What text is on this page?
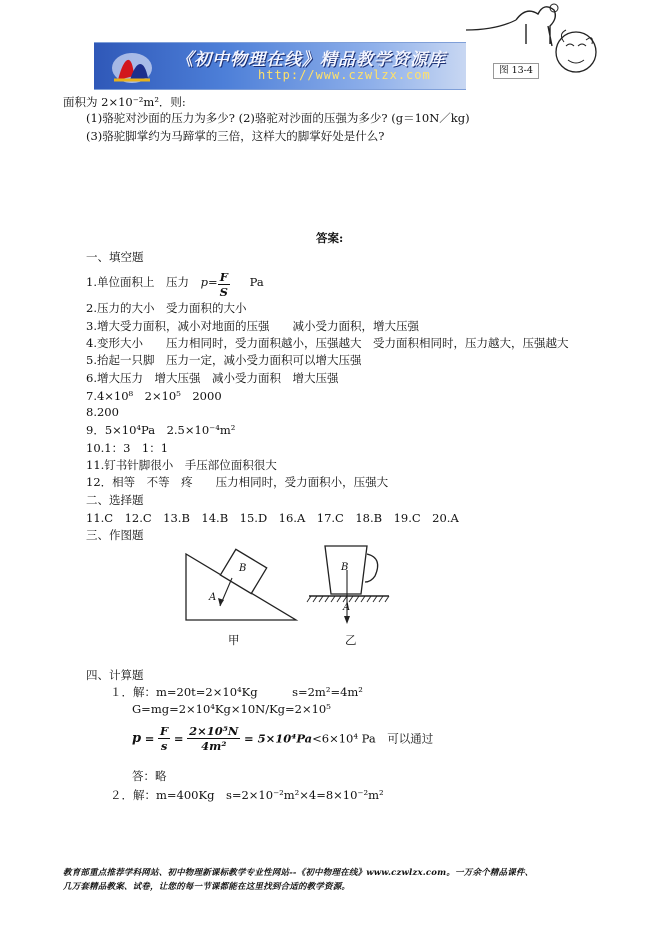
《初中物理在线》精品教学资源库
http://www.czwlzx.com	图 13-4
面积为 2×10⁻²m²．则:
(1)骆驼对沙面的压力为多少? (2)骆驼对沙面的压强为多少? (g＝10N／kg)
(3)骆驼脚掌约为马蹄掌的三倍，这样大的脚掌好处是什么?
答案:
一、填空题
1.单位面积上　压力 $p= \frac{F}{S}$ Pa
2.压力的大小　受力面积的大小
3.增大受力面积，减小对地面的压强　　减小受力面积，增大压强
4.变形大小　　压力相同时，受力面积越小，压强越大　受力面积相同时，压力越大，压强越大
5.抬起一只脚　压力一定，减小受力面积可以增大压强
6.增大压力　增大压强　减小受力面积　增大压强
7.4×10⁸　2×10⁵　2000
8.200
9．5×10⁴Pa　2.5×10⁻⁴m²
10.1：3　1：1
11.钉书针脚很小　手压部位面积很大
12．相等　不等　疼　　压力相同时，受力面积小，压强大
二、选择题
11.C　12.C　13.B　14.B　15.D　16.A　17.C　18.B　19.C　20.A
三、作图题
B
A
甲
B
A
乙
四、计算题
１．解：m=20t=2×10⁴Kg　　　s=2m²=4m²
G=mg=2×10⁴Kg×10N/Kg=2×10⁵
$p = \frac{F}{s} = \frac{\text{2×10⁵N}}{\text{4m²}} = 5\times 10^4Pa<6\times 10^4$ Pa　可以通过
答：略
２．解：m=400Kg　s=2×10⁻²m²×4=8×10⁻²m²
教育部重点推荐学科网站、初中物理新课标教学专业性网站--《初中物理在线》www.czwlzx.com。一万余个精品课件、
几万套精品教案、试卷，让您的每一节课都能在这里找到合适的教学资源。
